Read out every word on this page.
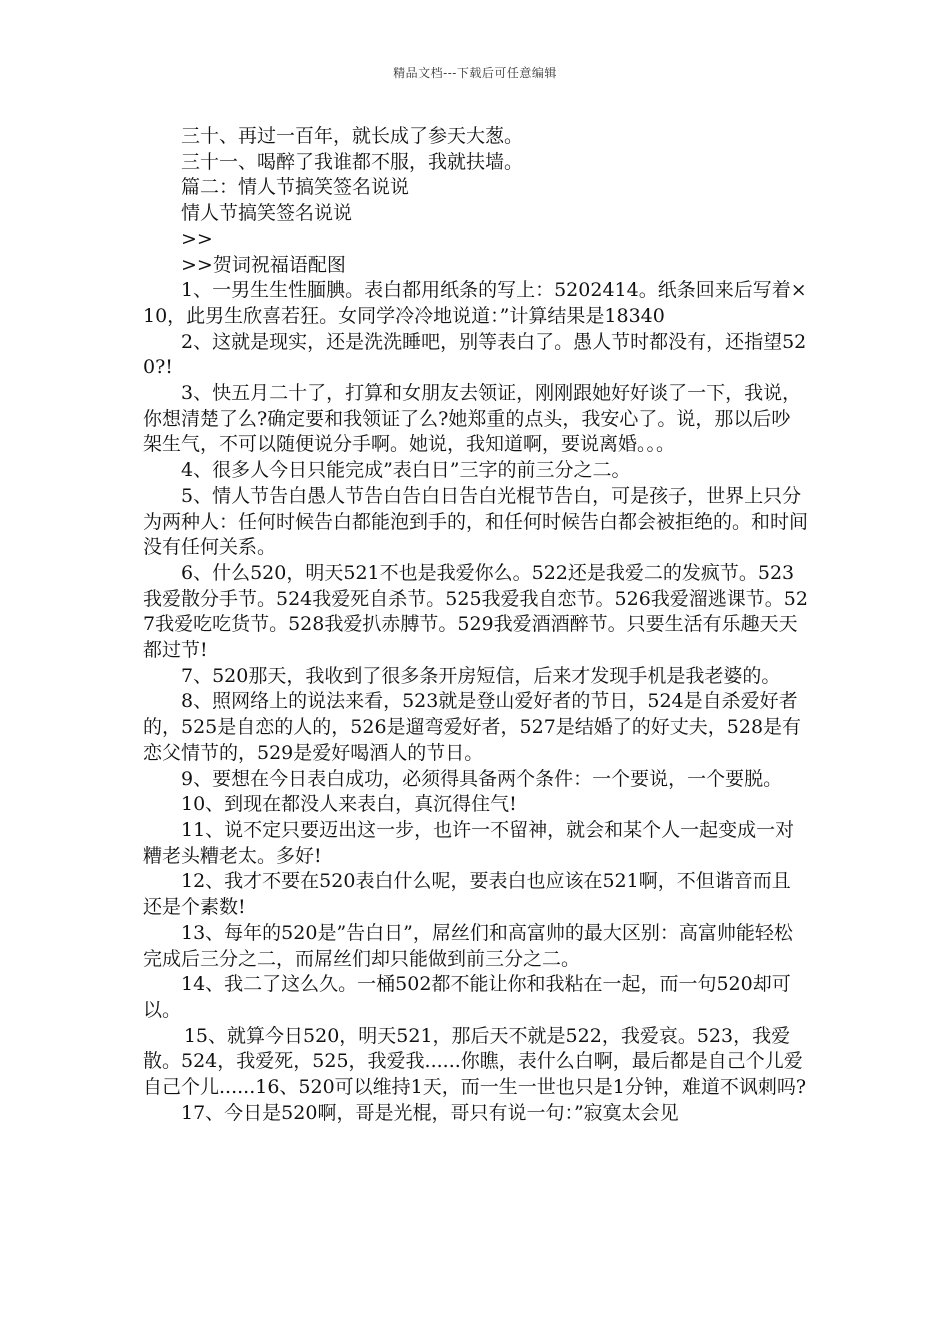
精品文档---下载后可任意编辑

三十、再过一百年，就长成了参天大葱。

三十一、喝醉了我谁都不服，我就扶墙。

篇二：情人节搞笑签名说说

情人节搞笑签名说说

>>

>>贺词祝福语配图

1、一男生生性腼腆。表白都用纸条的写上：5202414。纸条回来后写着×10，此男生欣喜若狂。女同学冷冷地说道：”计算结果是18340

2、这就是现实，还是洗洗睡吧，别等表白了。愚人节时都没有，还指望520?!

3、快五月二十了，打算和女朋友去领证，刚刚跟她好好谈了一下，我说，你想清楚了么?确定要和我领证了么?她郑重的点头，我安心了。说，那以后吵架生气，不可以随便说分手啊。她说，我知道啊，要说离婚。。。

4、很多人今日只能完成”表白日”三字的前三分之二。

5、情人节告白愚人节告白告白日告白光棍节告白，可是孩子，世界上只分为两种人：任何时候告白都能泡到手的，和任何时候告白都会被拒绝的。和时间没有任何关系。

6、什么520，明天521不也是我爱你么。522还是我爱二的发疯节。523我爱散分手节。524我爱死自杀节。525我爱我自恋节。526我爱溜逃课节。527我爱吃吃货节。528我爱扒赤膊节。529我爱酒酒醉节。只要生活有乐趣天天都过节!

7、520那天，我收到了很多条开房短信，后来才发现手机是我老婆的。

8、照网络上的说法来看，523就是登山爱好者的节日，524是自杀爱好者的，525是自恋的人的，526是遛弯爱好者，527是结婚了的好丈夫，528是有恋父情节的，529是爱好喝酒人的节日。

9、要想在今日表白成功，必须得具备两个条件：一个要说，一个要脱。

10、到现在都没人来表白，真沉得住气!

11、说不定只要迈出这一步，也许一不留神，就会和某个人一起变成一对糟老头糟老太。多好!

12、我才不要在520表白什么呢，要表白也应该在521啊，不但谐音而且还是个素数!

13、每年的520是”告白日”，屌丝们和高富帅的最大区别：高富帅能轻松完成后三分之二，而屌丝们却只能做到前三分之二。

14、我二了这么久。一桶502都不能让你和我粘在一起，而一句520却可以。

15、就算今日520，明天521，那后天不就是522，我爱哀。523，我爱散。524，我爱死，525，我爱我......你瞧，表什么白啊，最后都是自己个儿爱自己个儿......16、520可以维持1天，而一生一世也只是1分钟，难道不讽刺吗?

17、今日是520啊，哥是光棍，哥只有说一句：”寂寞太会见
